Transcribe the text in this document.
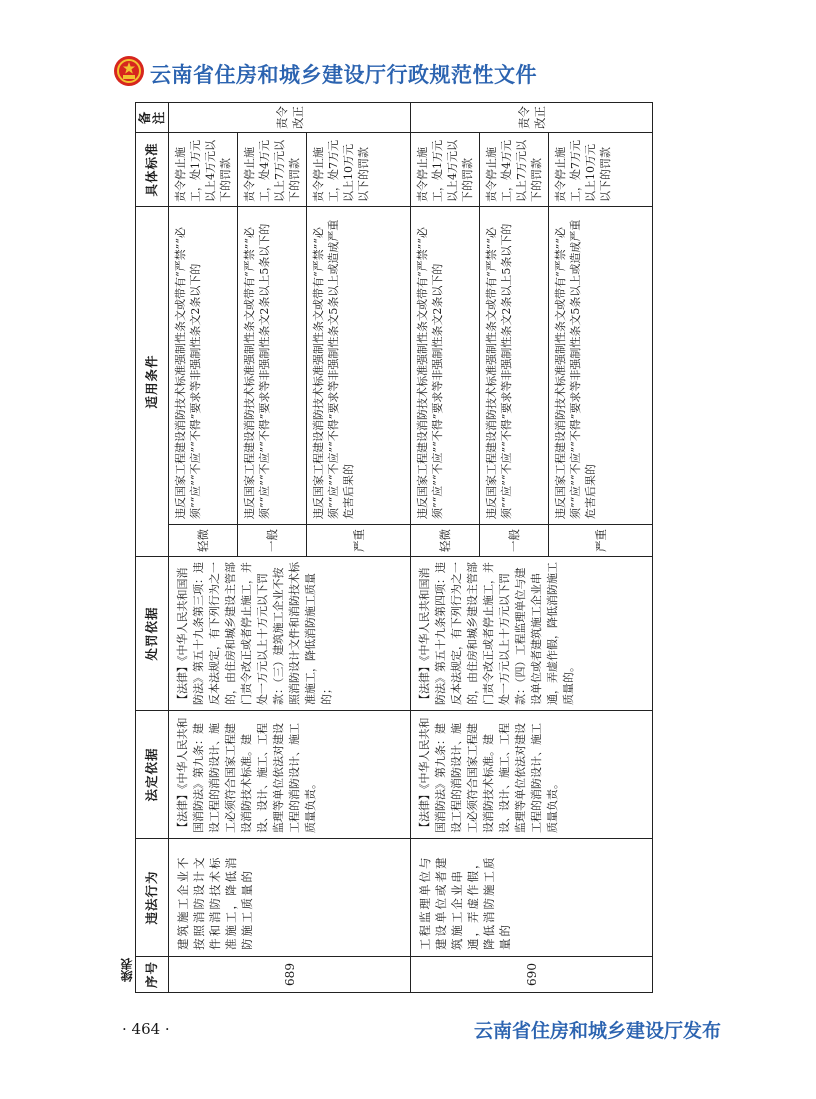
云南省住房和城乡建设厅行政规范性文件
续表 序号	违法行为	法定依据	处罚依据	适用条件		具体标准	备注
689	建筑施工企业不按照消防设计文件和消防技术标准施工，降低消防施工质量的	【法律】《中华人民共和国消防法》第九条：建设工程的消防设计、施工必须符合国家工程建设消防技术标准。建设、设计、施工、工程监理等单位依法对建设工程的消防设计、施工质量负责。	【法律】《中华人民共和国消防法》第五十九条第三项：违反本法规定，有下列行为之一的，由住房和城乡建设主管部门责令改正或者停止施工，并处一万元以上十万元以下罚款：（三）建筑施工企业不按照消防设计文件和消防技术标准施工，降低消防施工质量的；	轻微	违反国家工程建设消防技术标准强制性条文或带有“严禁”“必须”“应”“不应”“不得”要求等非强制性条文2条以下的	责令停止施工，处1万元以上4万元以下的罚款	责令改正
				一般	违反国家工程建设消防技术标准强制性条文或带有“严禁”“必须”“应”“不应”“不得”要求等非强制性条文2条以上5条以下的	责令停止施工，处4万元以上7万元以下的罚款	
				严重	违反国家工程建设消防技术标准强制性条文或带有“严禁”“必须”“应”“不应”“不得”要求等非强制性条文5条以上或造成严重危害后果的	责令停止施工，处7万元以上10万元以下的罚款	
690	工程监理单位与建设单位或者建筑施工企业串通，弄虚作假，降低消防施工质量的	【法律】《中华人民共和国消防法》第九条：建设工程的消防设计、施工必须符合国家工程建设消防技术标准。建设、设计、施工、工程监理等单位依法对建设工程的消防设计、施工质量负责。	【法律】《中华人民共和国消防法》第五十九条第四项：违反本法规定，有下列行为之一的，由住房和城乡建设主管部门责令改正或者停止施工，并处一万元以上十万元以下罚款：（四）工程监理单位与建设单位或者建筑施工企业串通，弄虚作假，降低消防施工质量的。	轻微	违反国家工程建设消防技术标准强制性条文或带有“严禁”“必须”“应”“不应”“不得”要求等非强制性条文2条以下的	责令停止施工，处1万元以上4万元以下的罚款	责令改正
				一般	违反国家工程建设消防技术标准强制性条文或带有“严禁”“必须”“应”“不应”“不得”要求等非强制性条文2条以上5条以下的	责令停止施工，处4万元以上7万元以下的罚款	
				严重	违反国家工程建设消防技术标准强制性条文或带有“严禁”“必须”“应”“不应”“不得”要求等非强制性条文5条以上或造成严重危害后果的	责令停止施工，处7万元以上10万元以下的罚款	
· 464 ·	云南省住房和城乡建设厅发布
